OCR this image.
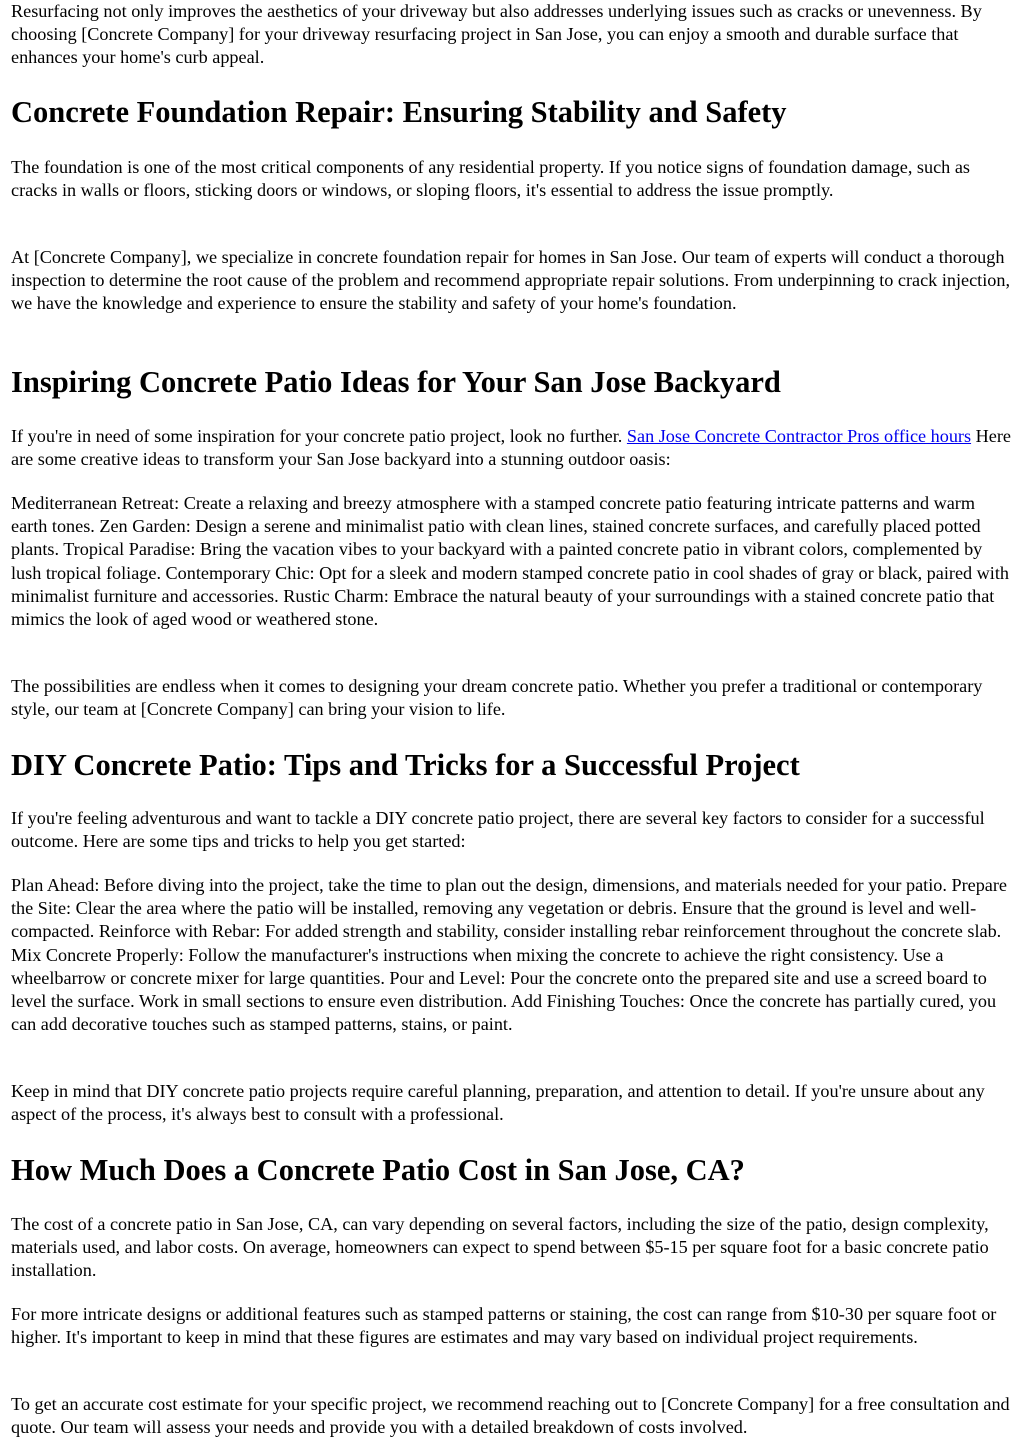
Resurfacing not only improves the aesthetics of your driveway but also addresses underlying issues such as cracks or unevenness. By choosing [Concrete Company] for your driveway resurfacing project in San Jose, you can enjoy a smooth and durable surface that enhances your home's curb appeal.

Concrete Foundation Repair: Ensuring Stability and Safety

The foundation is one of the most critical components of any residential property. If you notice signs of foundation damage, such as cracks in walls or floors, sticking doors or windows, or sloping floors, it's essential to address the issue promptly.

At [Concrete Company], we specialize in concrete foundation repair for homes in San Jose. Our team of experts will conduct a thorough inspection to determine the root cause of the problem and recommend appropriate repair solutions. From underpinning to crack injection, we have the knowledge and experience to ensure the stability and safety of your home's foundation.

Inspiring Concrete Patio Ideas for Your San Jose Backyard

If you're in need of some inspiration for your concrete patio project, look no further. San Jose Concrete Contractor Pros office hours Here are some creative ideas to transform your San Jose backyard into a stunning outdoor oasis:

Mediterranean Retreat: Create a relaxing and breezy atmosphere with a stamped concrete patio featuring intricate patterns and warm earth tones. Zen Garden: Design a serene and minimalist patio with clean lines, stained concrete surfaces, and carefully placed potted plants. Tropical Paradise: Bring the vacation vibes to your backyard with a painted concrete patio in vibrant colors, complemented by lush tropical foliage. Contemporary Chic: Opt for a sleek and modern stamped concrete patio in cool shades of gray or black, paired with minimalist furniture and accessories. Rustic Charm: Embrace the natural beauty of your surroundings with a stained concrete patio that mimics the look of aged wood or weathered stone.

The possibilities are endless when it comes to designing your dream concrete patio. Whether you prefer a traditional or contemporary style, our team at [Concrete Company] can bring your vision to life.

DIY Concrete Patio: Tips and Tricks for a Successful Project

If you're feeling adventurous and want to tackle a DIY concrete patio project, there are several key factors to consider for a successful outcome. Here are some tips and tricks to help you get started:

Plan Ahead: Before diving into the project, take the time to plan out the design, dimensions, and materials needed for your patio. Prepare the Site: Clear the area where the patio will be installed, removing any vegetation or debris. Ensure that the ground is level and well-compacted. Reinforce with Rebar: For added strength and stability, consider installing rebar reinforcement throughout the concrete slab. Mix Concrete Properly: Follow the manufacturer's instructions when mixing the concrete to achieve the right consistency. Use a wheelbarrow or concrete mixer for large quantities. Pour and Level: Pour the concrete onto the prepared site and use a screed board to level the surface. Work in small sections to ensure even distribution. Add Finishing Touches: Once the concrete has partially cured, you can add decorative touches such as stamped patterns, stains, or paint.

Keep in mind that DIY concrete patio projects require careful planning, preparation, and attention to detail. If you're unsure about any aspect of the process, it's always best to consult with a professional.

How Much Does a Concrete Patio Cost in San Jose, CA?

The cost of a concrete patio in San Jose, CA, can vary depending on several factors, including the size of the patio, design complexity, materials used, and labor costs. On average, homeowners can expect to spend between $5-15 per square foot for a basic concrete patio installation.

For more intricate designs or additional features such as stamped patterns or staining, the cost can range from $10-30 per square foot or higher. It's important to keep in mind that these figures are estimates and may vary based on individual project requirements.

To get an accurate cost estimate for your specific project, we recommend reaching out to [Concrete Company] for a free consultation and quote. Our team will assess your needs and provide you with a detailed breakdown of costs involved.
